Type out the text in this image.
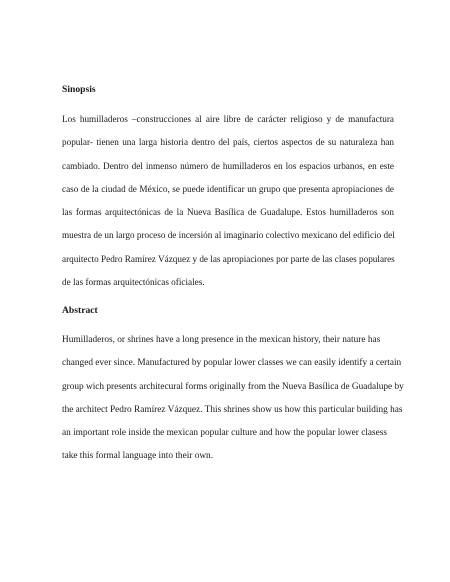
Sinopsis
Los humilladeros –construcciones al aire libre de carácter religioso y de manufactura
popular- tienen una larga historia dentro del país, ciertos aspectos de su naturaleza han
cambiado. Dentro del inmenso número de humilladeros en los espacios urbanos, en este
caso de la ciudad de México, se puede identificar un grupo que presenta apropiaciones de
las formas arquitectónicas de la Nueva Basílica de Guadalupe. Estos humilladeros son
muestra de un largo proceso de incersión al imaginario colectivo mexicano del edificio del
arquitecto Pedro Ramírez Vázquez y de las apropiaciones por parte de las clases populares
de las formas arquitectónicas oficiales.
Abstract
Humilladeros, or shrines have a long presence in the mexican history, their nature has
changed ever since. Manufactured by popular lower classes we can easily identify a certain
group wich presents architecural forms originally from the Nueva Basílica de Guadalupe by
the architect Pedro Ramírez Vázquez. This shrines show us how this particular building has
an important role inside the mexican popular culture and how the popular lower clasess
take this formal language into their own.
